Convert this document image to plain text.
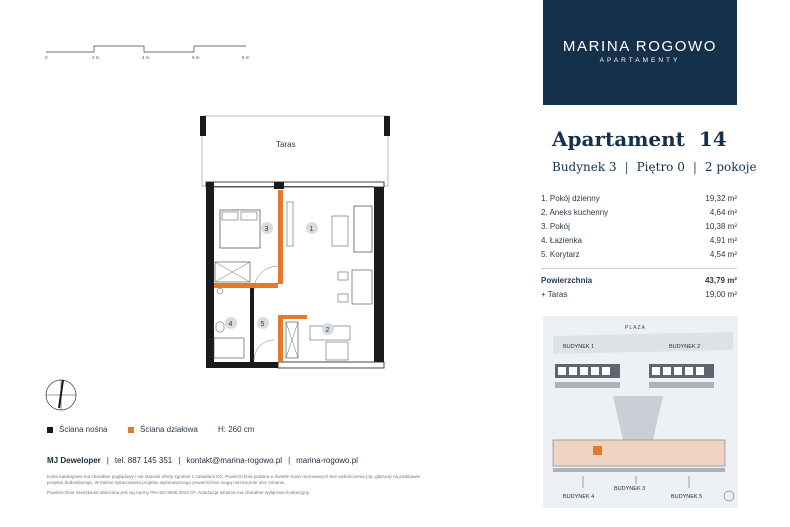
MARINA ROGOWO
APARTAMENTY
Apartament 14
Budynek 3 | Piętro 0 | 2 pokoje
1. Pokój dzienny	19,32 m²
2. Aneks kuchenny	4,64 m²
3. Pokój	10,38 m²
4. Łazienka	4,91 m²
5. Korytarz	4,54 m²
Powierzchnia	43,79 m²
+ Taras	19,00 m²
0	2 m	4 m	6 m	8 m
Taras
3	1
2
4	5
Ściana nośna	Ściana działowa	H: 260 cm
MJ Deweloper | tel. 887 145 351 | kontakt@marina-rogowo.pl | marina-rogowo.pl
Karta katalogowa ma charakter poglądowy i nie stanowi oferty zgodnie z zasadami KC. Powierzchnia podana w świetle ścian murowanych bez wykończenia (np. glazura) na podstawie
projektu budowlanego. W trakcie opracowania projektu wykonawczego powierzchnie mogą nieznacznie ulec zmianie.
Powierzchnia mieszkania obliczana jest wg normy PN-ISO 9836:2022-07. Aranżacja wnętrza ma charakter wyłącznie ilustracyjny.
PLAZA
BUDYNEK 1	BUDYNEK 2
BUDYNEK 3
BUDYNEK 4	BUDYNEK 5
